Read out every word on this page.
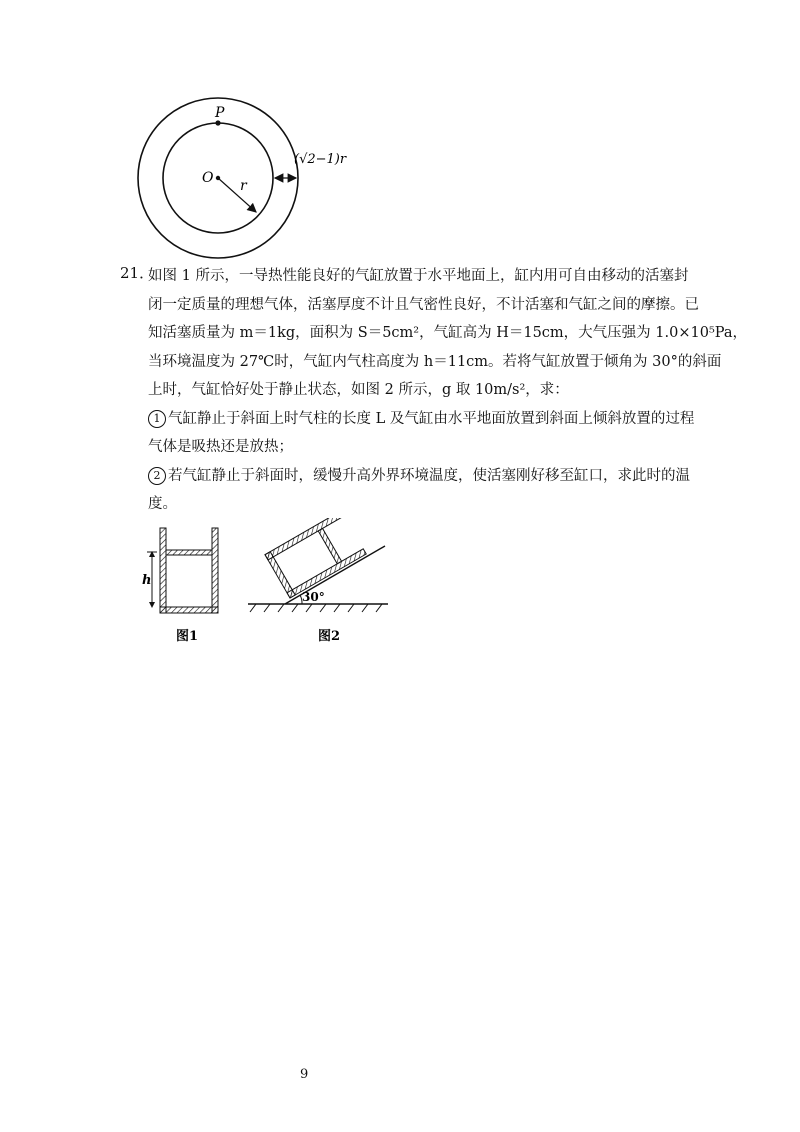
P
O r
(√2−1)r
21．
如图 1 所示，一导热性能良好的气缸放置于水平地面上，缸内用可自由移动的活塞封
闭一定质量的理想气体，活塞厚度不计且气密性良好，不计活塞和气缸之间的摩擦。已
知活塞质量为 m＝1kg，面积为 S＝5cm²，气缸高为 H＝15cm，大气压强为 1.0×10⁵Pa，
当环境温度为 27℃时，气缸内气柱高度为 h＝11cm。若将气缸放置于倾角为 30°的斜面
上时，气缸恰好处于静止状态，如图 2 所示，g 取 10m/s²，求：
1 气缸静止于斜面上时气柱的长度 L 及气缸由水平地面放置到斜面上倾斜放置的过程
气体是吸热还是放热；
2 若气缸静止于斜面时，缓慢升高外界环境温度，使活塞刚好移至缸口，求此时的温
度。
h
图1
30°
图2
9
